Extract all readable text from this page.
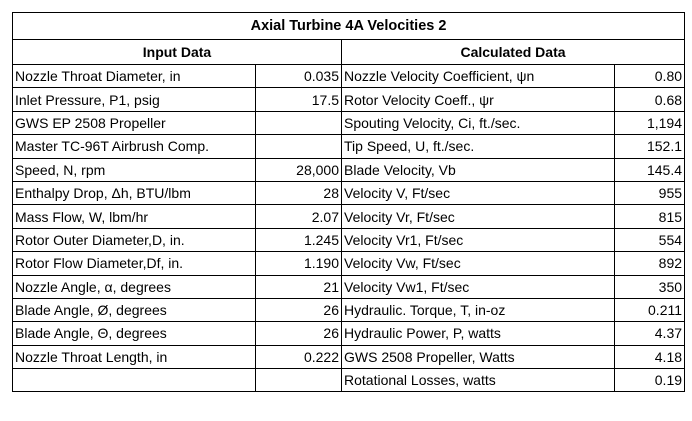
Axial Turbine 4A Velocities 2			
Input Data		Calculated Data	
Nozzle Throat Diameter, in	0.035	Nozzle Velocity Coefficient, ψn	0.80
Inlet Pressure, P1, psig	17.5	Rotor Velocity Coeff., ψr	0.68
GWS EP 2508 Propeller		Spouting Velocity, Ci, ft./sec.	1,194
Master TC-96T Airbrush Comp.		Tip Speed, U, ft./sec.	152.1
Speed, N, rpm	28,000	Blade Velocity, Vb	145.4
Enthalpy Drop, Δh, BTU/lbm	28	Velocity V, Ft/sec	955
Mass Flow, W, lbm/hr	2.07	Velocity Vr, Ft/sec	815
Rotor Outer Diameter,D, in.	1.245	Velocity Vr1, Ft/sec	554
Rotor Flow Diameter,Df, in.	1.190	Velocity Vw, Ft/sec	892
Nozzle Angle, α, degrees	21	Velocity Vw1, Ft/sec	350
Blade Angle, Ø, degrees	26	Hydraulic. Torque, T, in-oz	0.211
Blade Angle, Θ, degrees	26	Hydraulic Power, P, watts	4.37
Nozzle Throat Length, in	0.222	GWS 2508 Propeller, Watts	4.18
		Rotational Losses, watts	0.19
